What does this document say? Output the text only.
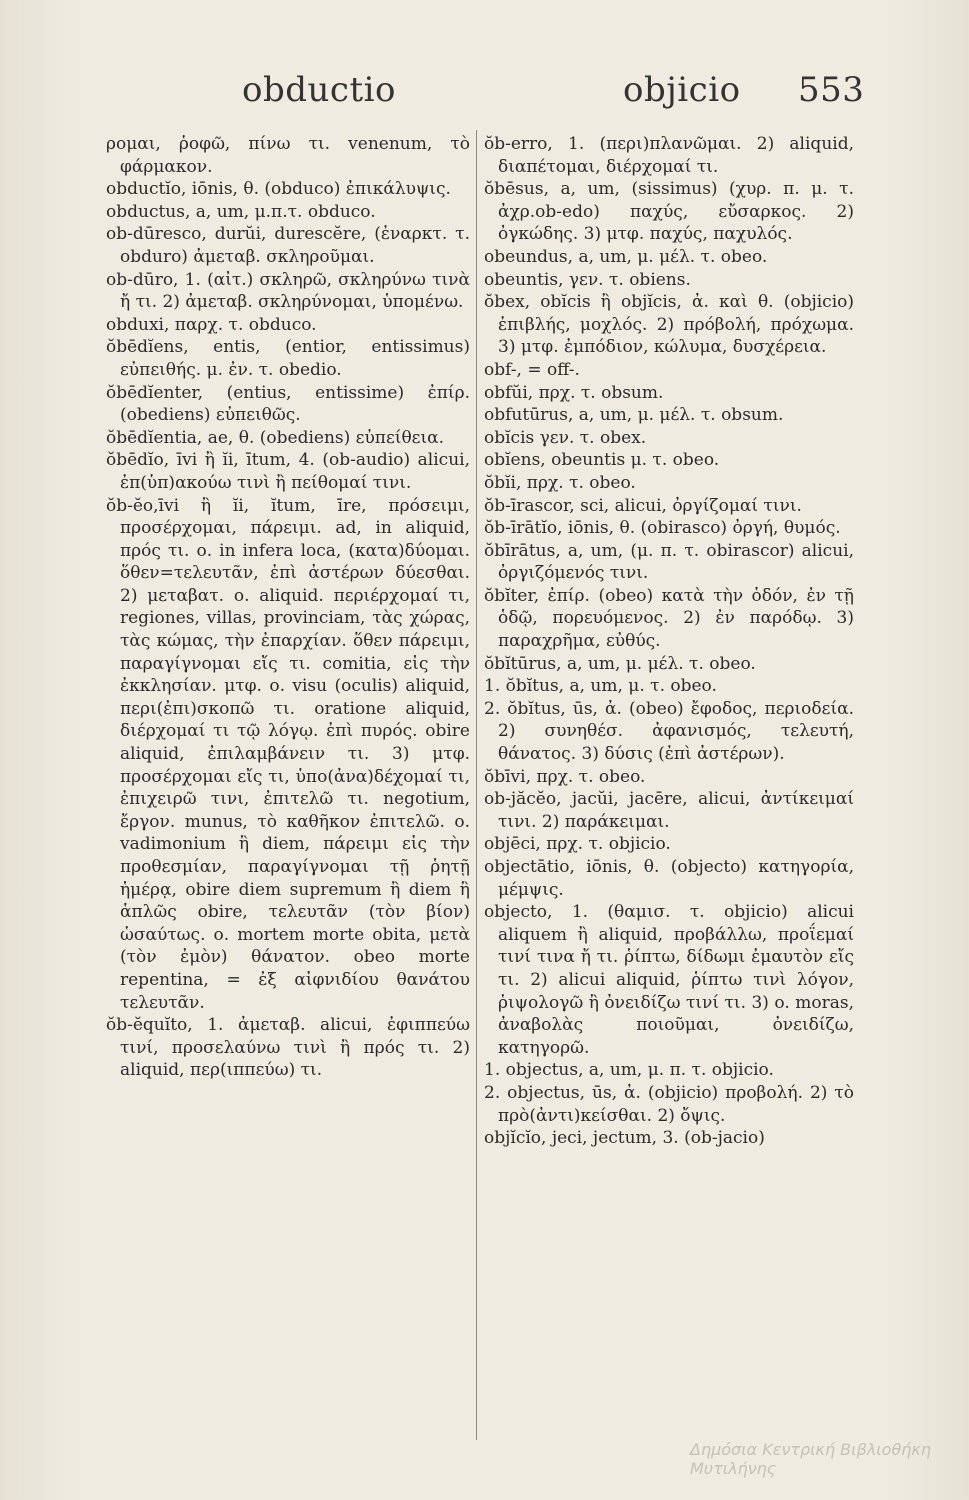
obductio	objicio 553
ρομαι, ῥοφῶ, πίνω τι. venenum, τὸ φάρμακον.
obductĭo, iōnis, θ. (obduco) ἐπικάλυψις.
obductus, a, um, μ.π.τ. obduco.
ob-dūresco, durŭi, durescĕre, (ἐναρκτ. τ. obduro) ἀμεταβ. σκληροῦμαι.
ob-dūro, 1. (αἰτ.) σκληρῶ, σκληρύνω τινὰ ἤ τι. 2) ἀμεταβ. σκληρύνομαι, ὑπομένω.
obduxi, παρχ. τ. obduco.
ŏbēdĭens, entis, (entior, entissimus) εὐπειθής. μ. ἐν. τ. obedio.
ŏbēdĭenter, (entius, entissime) ἐπίρ. (obediens) εὐπειθῶς.
ŏbēdĭentia, ae, θ. (obediens) εὐπείθεια.
ŏbēdĭo, īvi ἢ ĭi, ītum, 4. (ob-audio) alicui, ἐπ(ὑπ)ακούω τινὶ ἢ πείθομαί τινι.
ŏb-ĕo,īvi ἢ ĭi, ĭtum, īre, πρόσειμι, προσέρχομαι, πάρειμι. ad, in aliquid, πρός τι. ο. in infera loca, (κατα)δύομαι. ὅθεν=τελευτᾶν, ἐπὶ ἀστέρων δύεσθαι. 2) μεταβατ. ο. aliquid. περιέρχομαί τι, regiones, villas, provinciam, τὰς χώρας, τὰς κώμας, τὴν ἐπαρχίαν. ὅθεν πάρειμι, παραγίγνομαι εἴς τι. comitia, εἰς τὴν ἐκκλησίαν. μτφ. ο. visu (oculis) aliquid, περι(ἐπι)σκοπῶ τι. oratione aliquid, διέρχομαί τι τῷ λόγῳ. ἐπὶ πυρός. obire aliquid, ἐπιλαμβάνειν τι. 3) μτφ. προσέρχομαι εἴς τι, ὑπο(ἀνα)δέχομαί τι, ἐπιχειρῶ τινι, ἐπιτελῶ τι. negotium, ἔργον. munus, τὸ καθῆκον ἐπιτελῶ. ο. vadimonium ἢ diem, πάρειμι εἰς τὴν προθεσμίαν, παραγίγνομαι τῇ ῥητῇ ἡμέρᾳ, obire diem supremum ἢ diem ἢ ἁπλῶς obire, τελευτᾶν (τὸν βίον) ὡσαύτως. ο. mortem morte obita, μετὰ (τὸν ἐμὸν) θάνατον. obeo morte repentina, = ἐξ αἰφνιδίου θανάτου τελευτᾶν.
ŏb-ĕquĭto, 1. ἀμεταβ. alicui, ἐφιππεύω τινί, προσελαύνω τινὶ ἢ πρός τι. 2) aliquid, περ(ιππεύω) τι.
ŏb-erro, 1. (περι)πλανῶμαι. 2) aliquid, διαπέτομαι, διέρχομαί τι.
ŏbēsus, a, um, (sissimus) (χυρ. π. μ. τ. ἀχρ.ob-edo) παχύς, εὔσαρκος. 2) ὀγκώδης. 3) μτφ. παχύς, παχυλός.
obeundus, a, um, μ. μέλ. τ. obeo.
obeuntis, γεν. τ. obiens.
ŏbex, obĭcis ἢ objĭcis, ἀ. καὶ θ. (objicio) ἐπιβλής, μοχλός. 2) πρόβολή, πρόχωμα. 3) μτφ. ἐμπόδιον, κώλυμα, δυσχέρεια.
obf-, = off-.
obfŭi, πρχ. τ. obsum.
obfutūrus, a, um, μ. μέλ. τ. obsum.
obĭcis γεν. τ. obex.
obĭens, obeuntis μ. τ. obeo.
ŏbĭi, πρχ. τ. obeo.
ŏb-īrascor, sci, alicui, ὀργίζομαί τινι.
ŏb-īrātĭo, iōnis, θ. (obirasco) ὀργή, θυμός.
ŏbīrātus, a, um, (μ. π. τ. obirascor) alicui, ὀργιζόμενός τινι.
ŏbĭter, ἐπίρ. (obeo) κατὰ τὴν ὁδόν, ἐν τῇ ὁδῷ, πορευόμενος. 2) ἐν παρόδῳ. 3) παραχρῆμα, εὐθύς.
ŏbĭtūrus, a, um, μ. μέλ. τ. obeo.
1. ŏbĭtus, a, um, μ. τ. obeo.
2. ŏbĭtus, ūs, ἀ. (obeo) ἔφοδος, περιοδεία. 2) συνηθέσ. ἀφανισμός, τελευτή, θάνατος. 3) δύσις (ἐπὶ ἀστέρων).
ŏbīvi, πρχ. τ. obeo.
ob-jăcĕo, jacŭi, jacēre, alicui, ἀντίκειμαί τινι. 2) παράκειμαι.
objēci, πρχ. τ. objicio.
objectātio, iōnis, θ. (objecto) κατηγορία, μέμψις.
objecto, 1. (θαμισ. τ. objicio) alicui aliquem ἢ aliquid, προβάλλω, προΐεμαί τινί τινα ἤ τι. ῥίπτω, δίδωμι ἐμαυτὸν εἴς τι. 2) alicui aliquid, ῥίπτω τινὶ λόγον, ῥιψολογῶ ἢ ὀνειδίζω τινί τι. 3) o. moras, ἀναβολὰς ποιοῦμαι, ὀνειδίζω, κατηγορῶ.
1. objectus, a, um, μ. π. τ. objicio.
2. objectus, ūs, ἀ. (objicio) προβολή. 2) τὸ πρὸ(ἀντι)κείσθαι. 2) ὄψις.
objĭcĭo, jeci, jectum, 3. (ob-jacio)
Δημόσια Κεντρική Βιβλιοθήκη Μυτιλήνης
